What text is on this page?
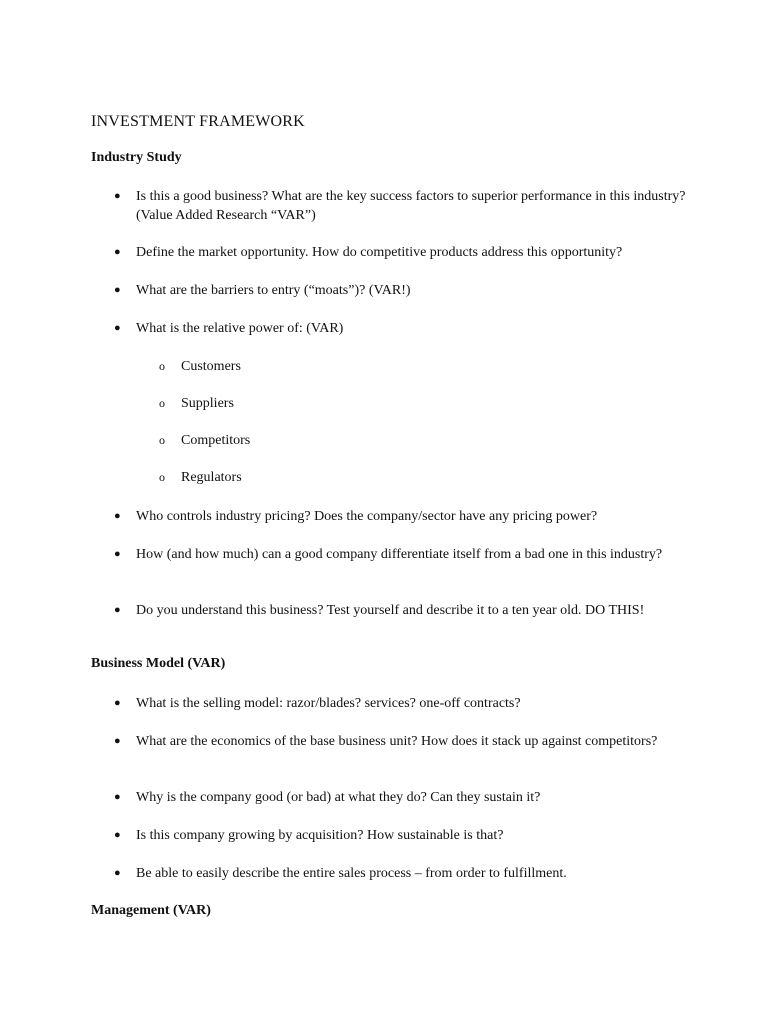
INVESTMENT FRAMEWORK
Industry Study
● Is this a good business? What are the key success factors to superior performance in this industry? (Value Added Research “VAR”)
● Define the market opportunity. How do competitive products address this opportunity?
● What are the barriers to entry (“moats”)? (VAR!)
● What is the relative power of: (VAR)
o Customers
o Suppliers
o Competitors
o Regulators
● Who controls industry pricing? Does the company/sector have any pricing power?
● How (and how much) can a good company differentiate itself from a bad one in this industry?
● Do you understand this business? Test yourself and describe it to a ten year old. DO THIS!
Business Model (VAR)
● What is the selling model: razor/blades? services? one-off contracts?
● What are the economics of the base business unit? How does it stack up against competitors?
● Why is the company good (or bad) at what they do? Can they sustain it?
● Is this company growing by acquisition? How sustainable is that?
● Be able to easily describe the entire sales process – from order to fulfillment.
Management (VAR)
